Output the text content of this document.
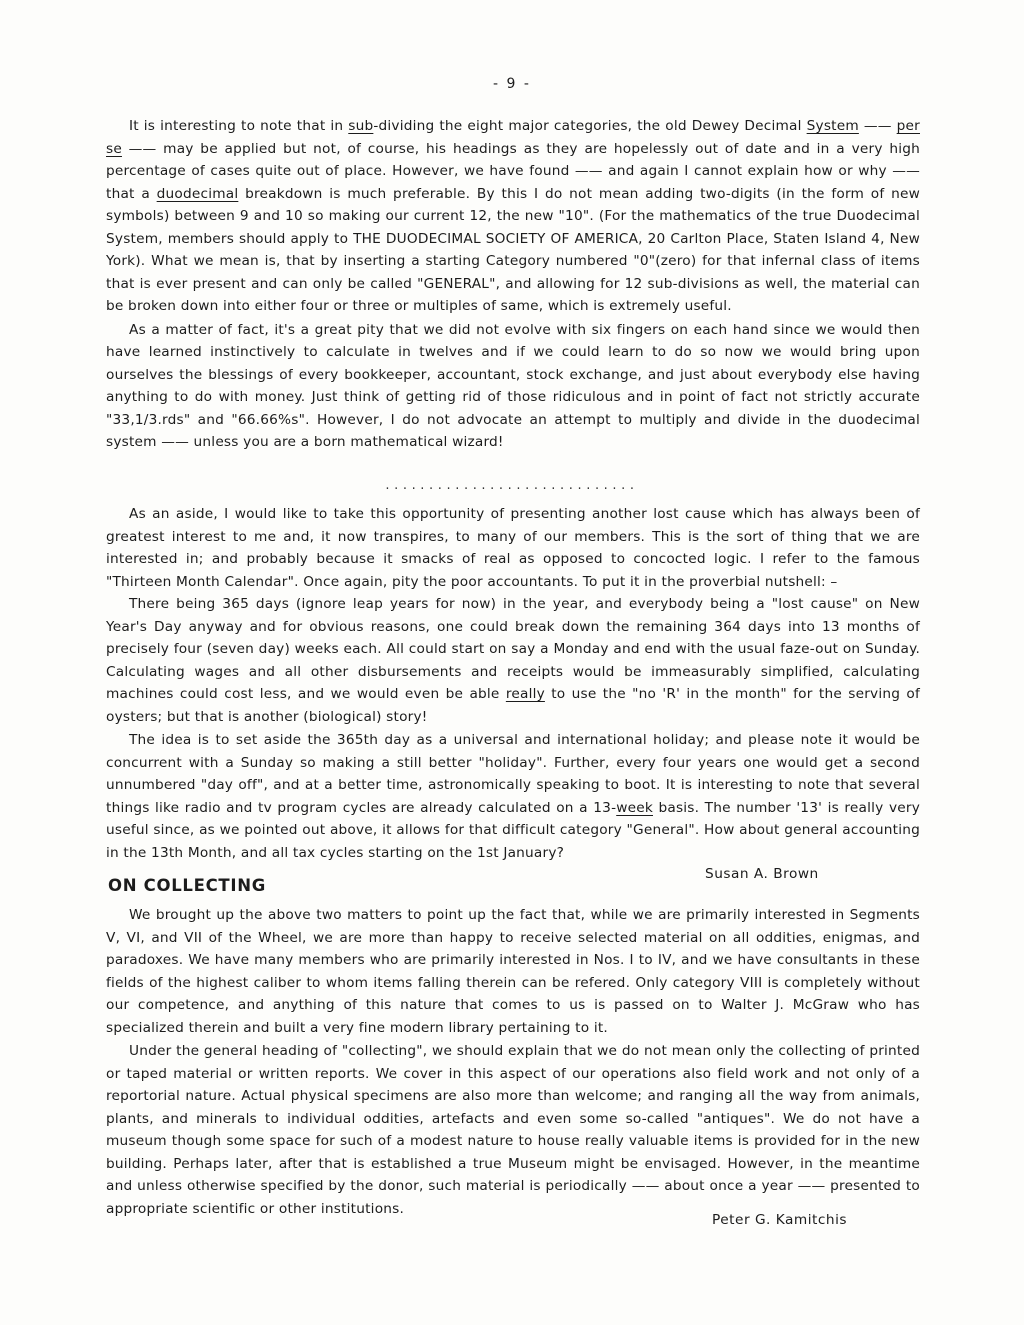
- 9 -

It is interesting to note that in sub-dividing the eight major categories, the old Dewey Decimal System —— per se —— may be applied but not, of course, his headings as they are hopelessly out of date and in a very high percentage of cases quite out of place. However, we have found —— and again I cannot explain how or why —— that a duodecimal breakdown is much preferable. By this I do not mean adding two-digits (in the form of new symbols) between 9 and 10 so making our current 12, the new "10". (For the mathematics of the true Duodecimal System, members should apply to THE DUODECIMAL SOCIETY OF AMERICA, 20 Carlton Place, Staten Island 4, New York). What we mean is, that by inserting a starting Category numbered "0"(zero) for that infernal class of items that is ever present and can only be called "GENERAL", and allowing for 12 sub-divisions as well, the material can be broken down into either four or three or multiples of same, which is extremely useful.

As a matter of fact, it's a great pity that we did not evolve with six fingers on each hand since we would then have learned instinctively to calculate in twelves and if we could learn to do so now we would bring upon ourselves the blessings of every bookkeeper, accountant, stock exchange, and just about everybody else having anything to do with money. Just think of getting rid of those ridiculous and in point of fact not strictly accurate "33,1/3.rds" and "66.66%s". However, I do not advocate an attempt to multiply and divide in the duodecimal system —— unless you are a born mathematical wizard!

.............................

As an aside, I would like to take this opportunity of presenting another lost cause which has always been of greatest interest to me and, it now transpires, to many of our members. This is the sort of thing that we are interested in; and probably because it smacks of real as opposed to concocted logic. I refer to the famous "Thirteen Month Calendar". Once again, pity the poor accountants. To put it in the proverbial nutshell: –

There being 365 days (ignore leap years for now) in the year, and everybody being a "lost cause" on New Year's Day anyway and for obvious reasons, one could break down the remaining 364 days into 13 months of precisely four (seven day) weeks each. All could start on say a Monday and end with the usual faze-out on Sunday. Calculating wages and all other disbursements and receipts would be immeasurably simplified, calculating machines could cost less, and we would even be able really to use the "no 'R' in the month" for the serving of oysters; but that is another (biological) story!

The idea is to set aside the 365th day as a universal and international holiday; and please note it would be concurrent with a Sunday so making a still better "holiday". Further, every four years one would get a second unnumbered "day off", and at a better time, astronomically speaking to boot. It is interesting to note that several things like radio and tv program cycles are already calculated on a 13-week basis. The number '13' is really very useful since, as we pointed out above, it allows for that difficult category "General". How about general accounting in the 13th Month, and all tax cycles starting on the 1st January?

Susan A. Brown
ON COLLECTING

We brought up the above two matters to point up the fact that, while we are primarily interested in Segments V, VI, and VII of the Wheel, we are more than happy to receive selected material on all oddities, enigmas, and paradoxes. We have many members who are primarily interested in Nos. I to IV, and we have consultants in these fields of the highest caliber to whom items falling therein can be refered. Only category VIII is completely without our competence, and anything of this nature that comes to us is passed on to Walter J. McGraw who has specialized therein and built a very fine modern library pertaining to it.

Under the general heading of "collecting", we should explain that we do not mean only the collecting of printed or taped material or written reports. We cover in this aspect of our operations also field work and not only of a reportorial nature. Actual physical specimens are also more than welcome; and ranging all the way from animals, plants, and minerals to individual oddities, artefacts and even some so-called "antiques". We do not have a museum though some space for such of a modest nature to house really valuable items is provided for in the new building. Perhaps later, after that is established a true Museum might be envisaged. However, in the meantime and unless otherwise specified by the donor, such material is periodically —— about once a year —— presented to appropriate scientific or other institutions.

Peter G. Kamitchis
